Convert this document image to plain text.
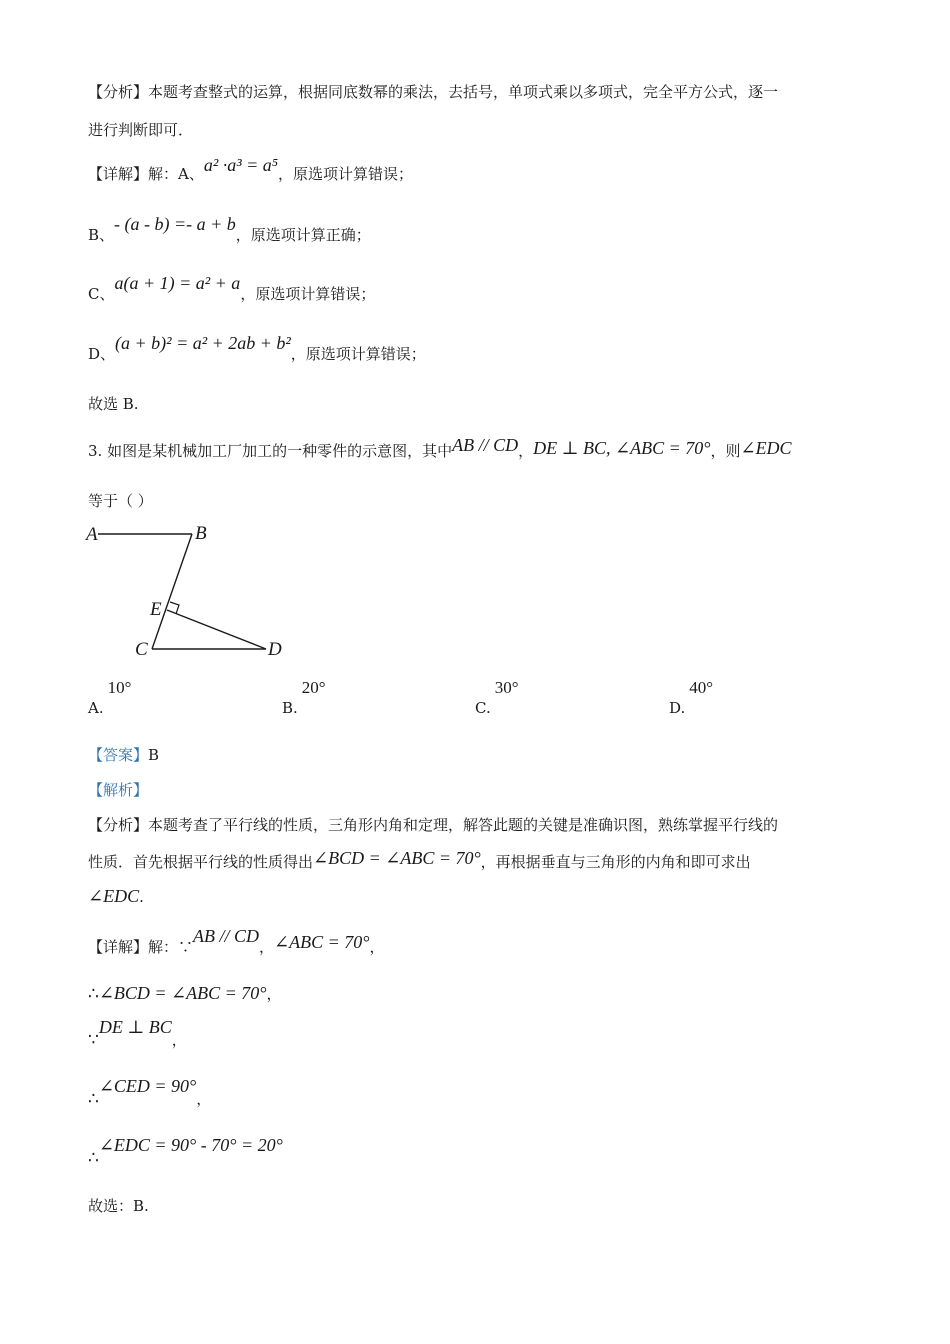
【分析】本题考查整式的运算，根据同底数幂的乘法，去括号，单项式乘以多项式，完全平方公式，逐一
进行判断即可．
【详解】解：A、a² ·a³ = a⁵，原选项计算错误；
B、- (a - b) =- a + b，原选项计算正确；
C、a(a + 1) = a² + a，原选项计算错误；
D、(a + b)² = a² + 2ab + b²，原选项计算错误；
故选 B.
3. 如图是某机械加工厂加工的一种零件的示意图，其中AB // CD，DE ⊥ BC, ∠ABC = 70°，则∠EDC
等于（ ）
A	B
E
C	D
A.10°
B.20°
C.30°
D.40°
【答案】B
【解析】
【分析】本题考查了平行线的性质，三角形内角和定理，解答此题的关键是准确识图，熟练掌握平行线的
性质．首先根据平行线的性质得出∠BCD = ∠ABC = 70°，再根据垂直与三角形的内角和即可求出
∠EDC.
【详解】解：∵AB // CD，∠ABC = 70°，
∴∠BCD = ∠ABC = 70°，
∵DE ⊥ BC，
∴∠CED = 90°，
∴∠EDC = 90° - 70° = 20°
故选：B.
